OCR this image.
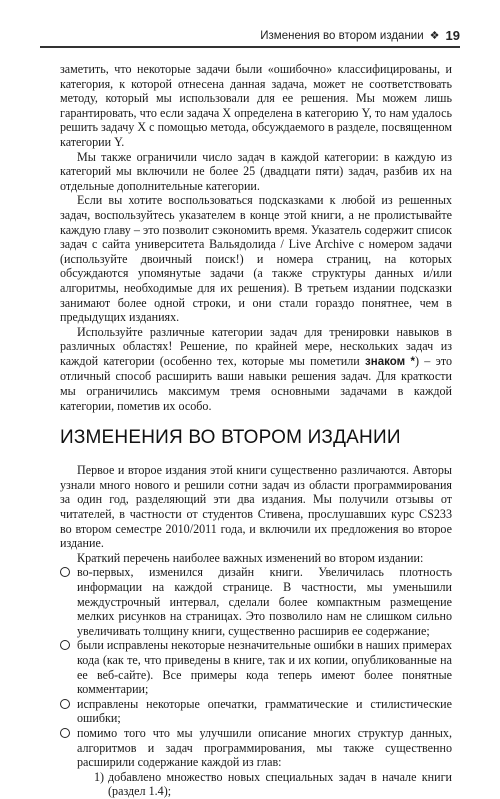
Изменения во втором издании ❖ 19

заметить, что некоторые задачи были «ошибочно» классифицированы, и категория, к которой отнесена данная задача, может не соответствовать методу, который мы использовали для ее решения. Мы можем лишь гарантировать, что если задача X определена в категорию Y, то нам удалось решить задачу X с помощью метода, обсуждаемого в разделе, посвященном категории Y.

Мы также ограничили число задач в каждой категории: в каждую из категорий мы включили не более 25 (двадцати пяти) задач, разбив их на отдельные дополнительные категории.

Если вы хотите воспользоваться подсказками к любой из решенных задач, воспользуйтесь указателем в конце этой книги, а не пролистывайте каждую главу – это позволит сэкономить время. Указатель содержит список задач с сайта университета Вальядолида / Live Archive с номером задачи (используйте двоичный поиск!) и номера страниц, на которых обсуждаются упомянутые задачи (а также структуры данных и/или алгоритмы, необходимые для их решения). В третьем издании подсказки занимают более одной строки, и они стали гораздо понятнее, чем в предыдущих изданиях.

Используйте различные категории задач для тренировки навыков в различных областях! Решение, по крайней мере, нескольких задач из каждой категории (особенно тех, которые мы пометили знаком *) – это отличный способ расширить ваши навыки решения задач. Для краткости мы ограничились максимум тремя основными задачами в каждой категории, пометив их особо.

ИЗМЕНЕНИЯ ВО ВТОРОМ ИЗДАНИИ

Первое и второе издания этой книги существенно различаются. Авторы узнали много нового и решили сотни задач из области программирования за один год, разделяющий эти два издания. Мы получили отзывы от читателей, в частности от студентов Стивена, прослушавших курс CS233 во втором семестре 2010/2011 года, и включили их предложения во второе издание.

Краткий перечень наиболее важных изменений во втором издании:

во-первых, изменился дизайн книги. Увеличилась плотность информации на каждой странице. В частности, мы уменьшили междустрочный интервал, сделали более компактным размещение мелких рисунков на страницах. Это позволило нам не слишком сильно увеличивать толщину книги, существенно расширив ее содержание;

были исправлены некоторые незначительные ошибки в наших примерах кода (как те, что приведены в книге, так и их копии, опубликованные на ее веб-сайте). Все примеры кода теперь имеют более понятные комментарии;

исправлены некоторые опечатки, грамматические и стилистические ошибки;

помимо того что мы улучшили описание многих структур данных, алгоритмов и задач программирования, мы также существенно расширили содержание каждой из глав:

1) добавлено множество новых специальных задач в начале книги (раздел 1.4);
